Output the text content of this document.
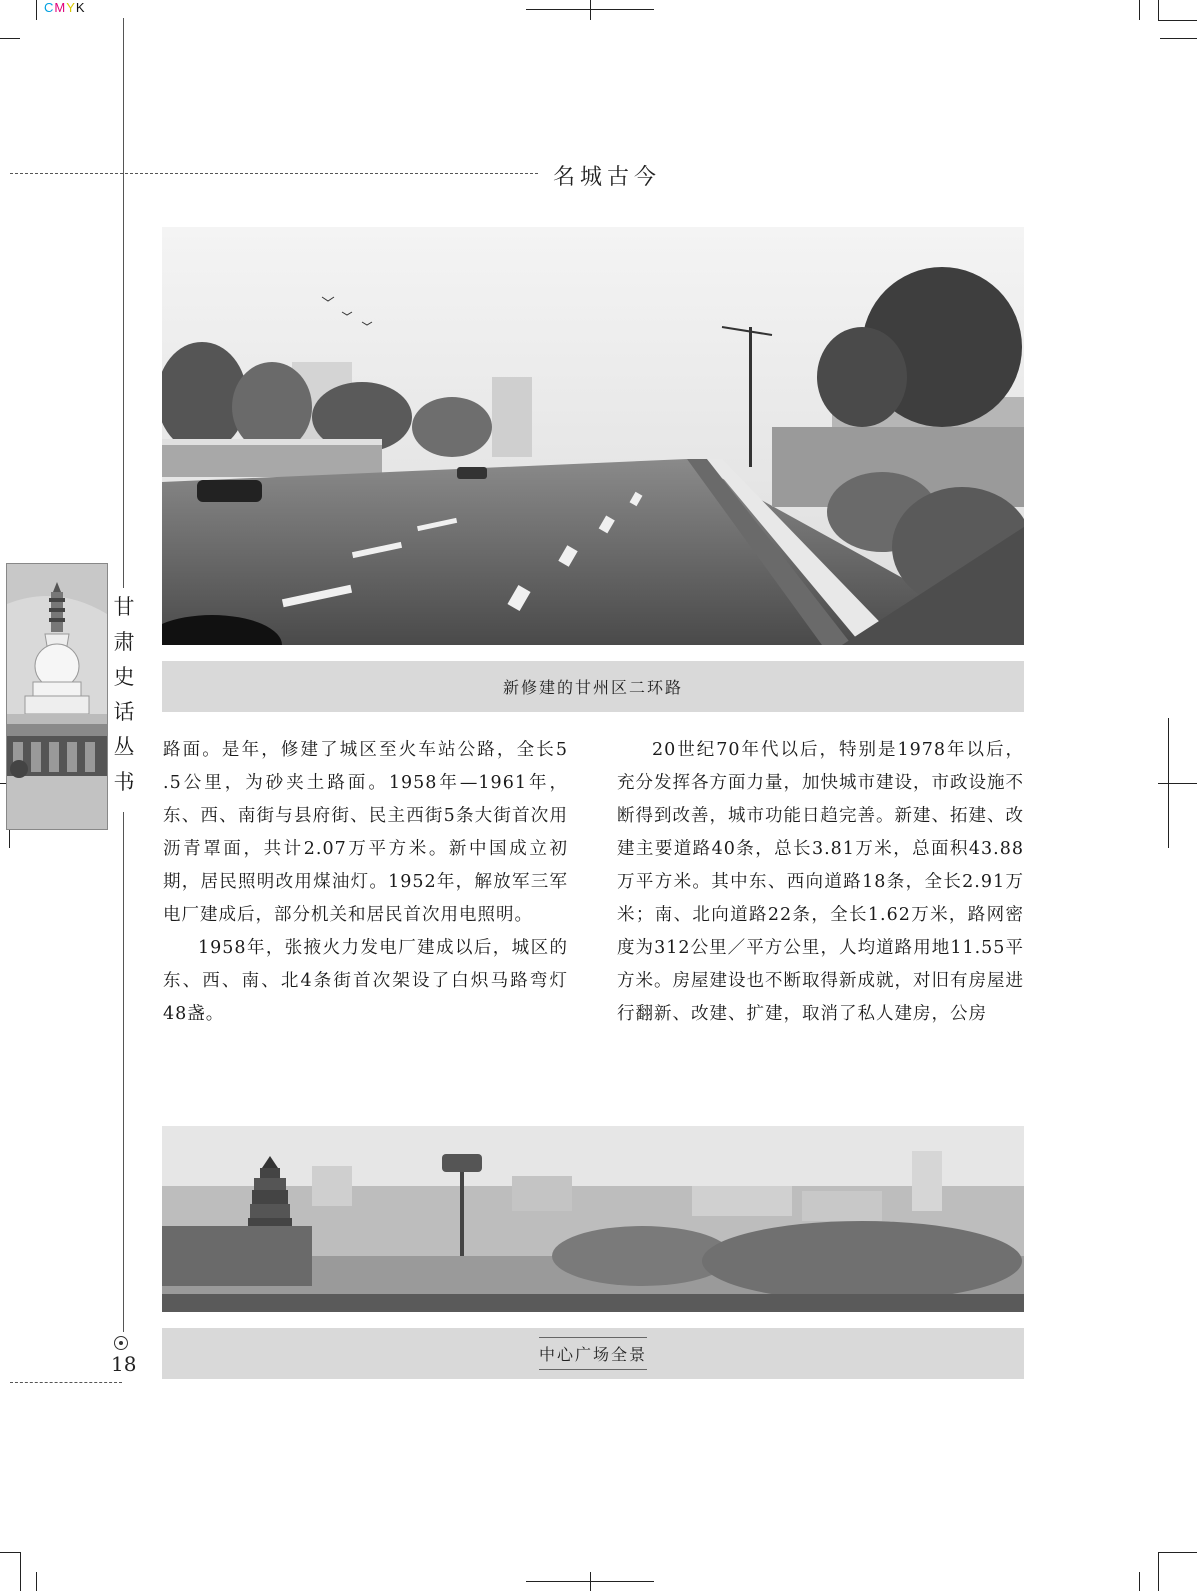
CMYK
名城古今
甘
肃
史
话
丛
书
新修建的甘州区二环路

路面。是年，修建了城区至火车站公路，全长5 .5公里，为砂夹土路面。1958年—1961年，东、西、南街与县府街、民主西街5条大街首次用沥青罩面，共计2.07万平方米。新中国成立初期，居民照明改用煤油灯。1952年，解放军三军电厂建成后，部分机关和居民首次用电照明。

1958年，张掖火力发电厂建成以后，城区的东、西、南、北4条街首次架设了白炽马路弯灯48盏。

20世纪70年代以后，特别是1978年以后，充分发挥各方面力量，加快城市建设，市政设施不断得到改善，城市功能日趋完善。新建、拓建、改建主要道路40条，总长3.81万米，总面积43.88万平方米。其中东、西向道路18条，全长2.91万米；南、北向道路22条，全长1.62万米，路网密度为312公里／平方公里，人均道路用地11.55平方米。房屋建设也不断取得新成就，对旧有房屋进行翻新、改建、扩建，取消了私人建房，公房

中心广场全景
18
